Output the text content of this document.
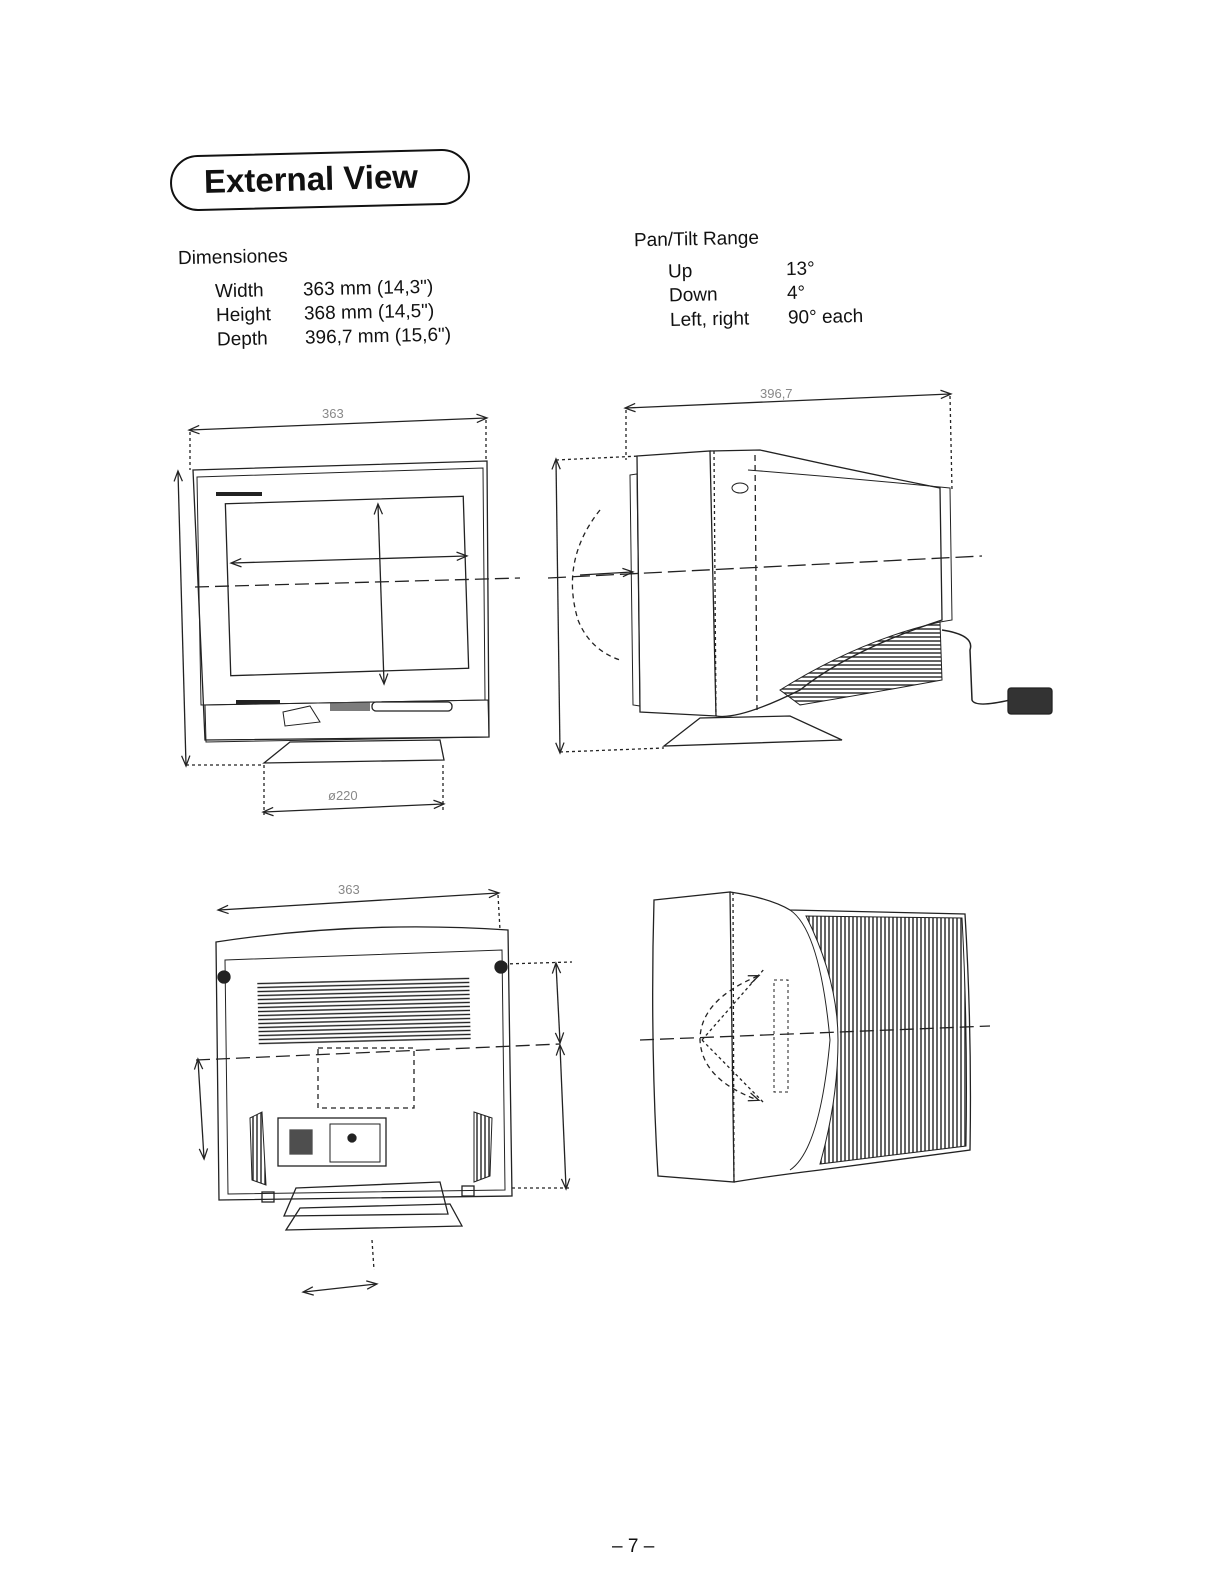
External View
Dimensiones
Width 363 mm (14,3")
Height 368 mm (14,5")
Depth 396,7 mm (15,6")
Pan/Tilt Range
Up	13°
Down	4°
Left, right 90° each
363
ø220
396,7
363
– 7 –
